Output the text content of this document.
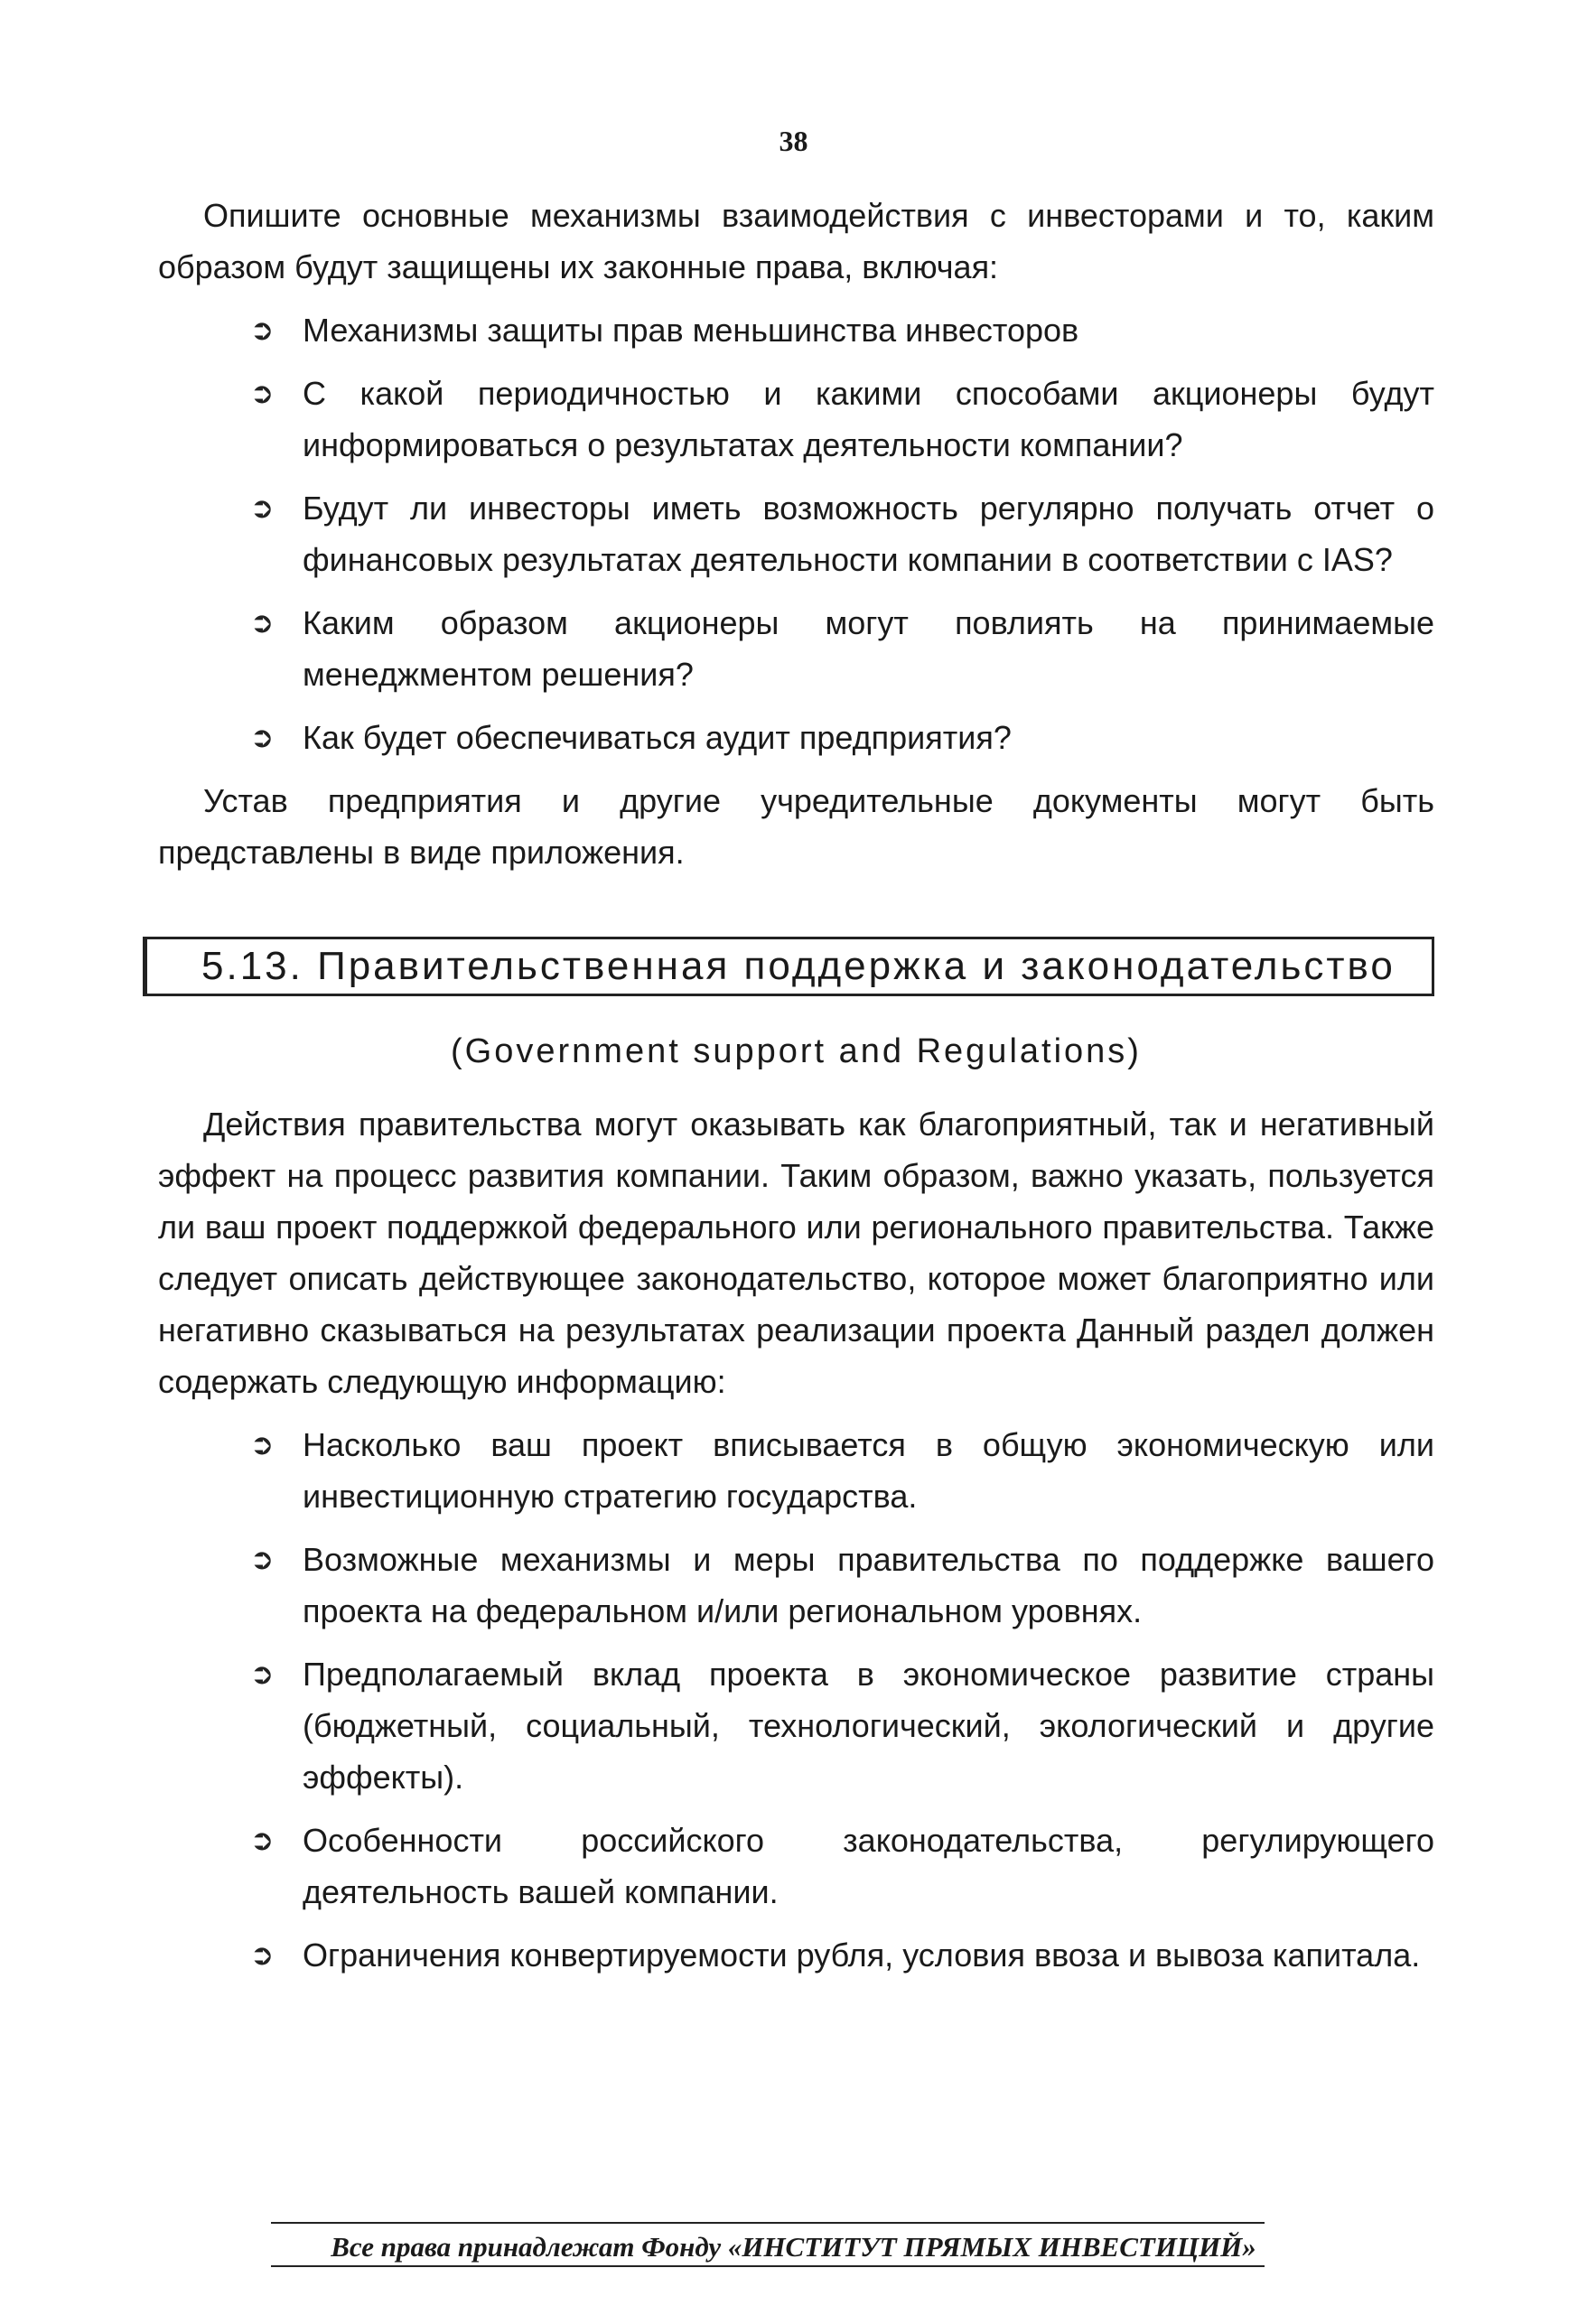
38

Опишите основные механизмы взаимодействия с инвесторами и то, каким образом будут защищены их законные права, включая:

➲ Механизмы защиты прав меньшинства инвесторов
➲ С какой периодичностью и какими способами акционеры будут информироваться о результатах деятельности компании?
➲ Будут ли инвесторы иметь возможность регулярно получать отчет о финансовых результатах деятельности компании в соответствии с IAS?
➲ Каким образом акционеры могут повлиять на принимаемые менеджментом решения?
➲ Как будет обеспечиваться аудит предприятия?

Устав предприятия и другие учредительные документы могут быть представлены в виде приложения.

5.13. Правительственная поддержка и законодательство

(Government support and Regulations)

Действия правительства могут оказывать как благоприятный, так и негативный эффект на процесс развития компании. Таким образом, важно указать, пользуется ли ваш проект поддержкой федерального или регионального правительства. Также следует описать действующее законодательство, которое может благоприятно или негативно сказываться на результатах реализации проекта Данный раздел должен содержать следующую информацию:

➲ Насколько ваш проект вписывается в общую экономическую или инвестиционную стратегию государства.
➲ Возможные механизмы и меры правительства по поддержке вашего проекта на федеральном и/или региональном уровнях.
➲ Предполагаемый вклад проекта в экономическое развитие страны (бюджетный, социальный, технологический, экологический и другие эффекты).
➲ Особенности российского законодательства, регулирующего деятельность вашей компании.
➲ Ограничения конвертируемости рубля, условия ввоза и вывоза капитала.
Все права принадлежат Фонду «ИНСТИТУТ ПРЯМЫХ ИНВЕСТИЦИЙ»
